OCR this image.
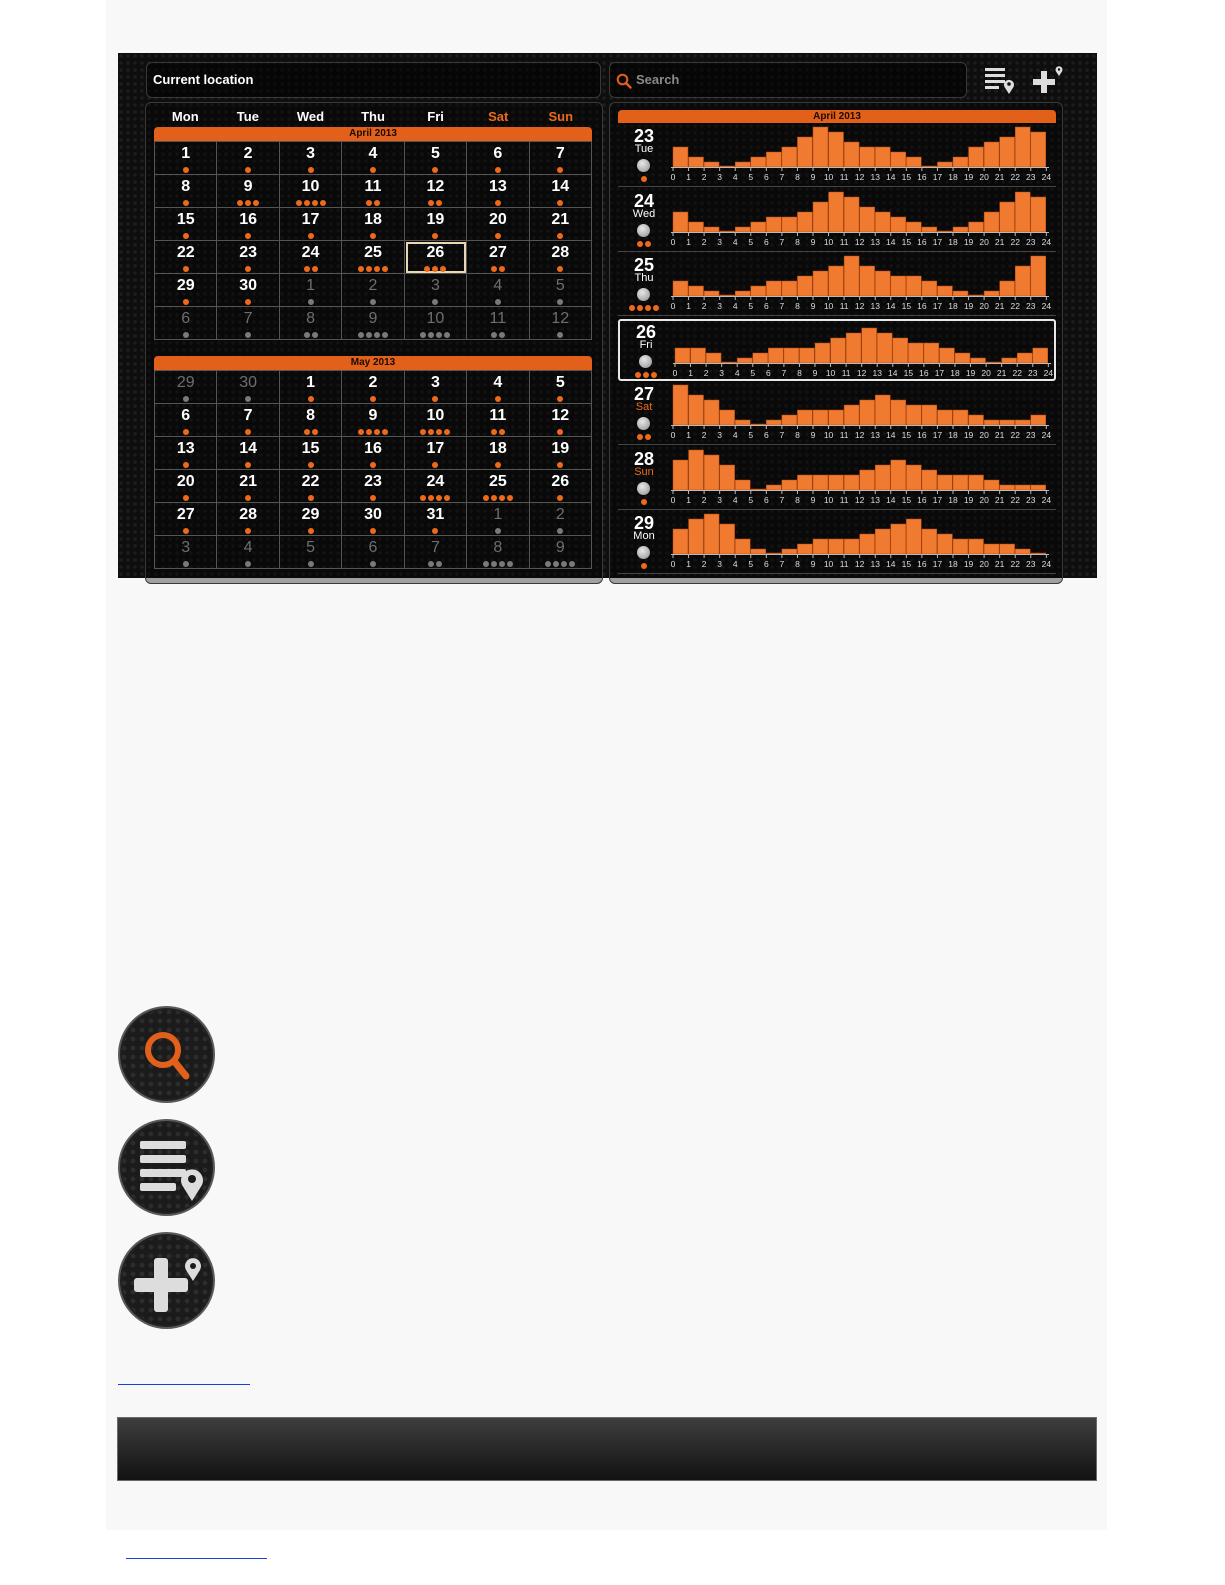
Current location	Search
Mon	Tue	Wed	Thu	Fri	Sat	Sun
April 2013
1	2	3	4	5	6	7
8	9	10	11	12	13	14
15	16	17	18	19	20	21
22	23	24	25	26	27	28
29	30	1	2	3	4	5
6	7	8	9	10	11	12
May 2013
29	30	1	2	3	4	5
6	7	8	9	10	11	12
13	14	15	16	17	18	19
20	21	22	23	24	25	26
27	28	29	30	31	1	2
3	4	5	6	7	8	9
April 2013
23
Tue
0 1 2 3 4 5 6 7 8 9 10 11 12 13 14 15 16 17 18 19 20 21 22 23 24
24
Wed
0 1 2 3 4 5 6 7 8 9 10 11 12 13 14 15 16 17 18 19 20 21 22 23 24
25
Thu
0 1 2 3 4 5 6 7 8 9 10 11 12 13 14 15 16 17 18 19 20 21 22 23 24
26
Fri
0 1 2 3 4 5 6 7 8 9 10 11 12 13 14 15 16 17 18 19 20 21 22 23 24
27
Sat
0 1 2 3 4 5 6 7 8 9 10 11 12 13 14 15 16 17 18 19 20 21 22 23 24
28
Sun
0 1 2 3 4 5 6 7 8 9 10 11 12 13 14 15 16 17 18 19 20 21 22 23 24
29
Mon
0 1 2 3 4 5 6 7 8 9 10 11 12 13 14 15 16 17 18 19 20 21 22 23 24
